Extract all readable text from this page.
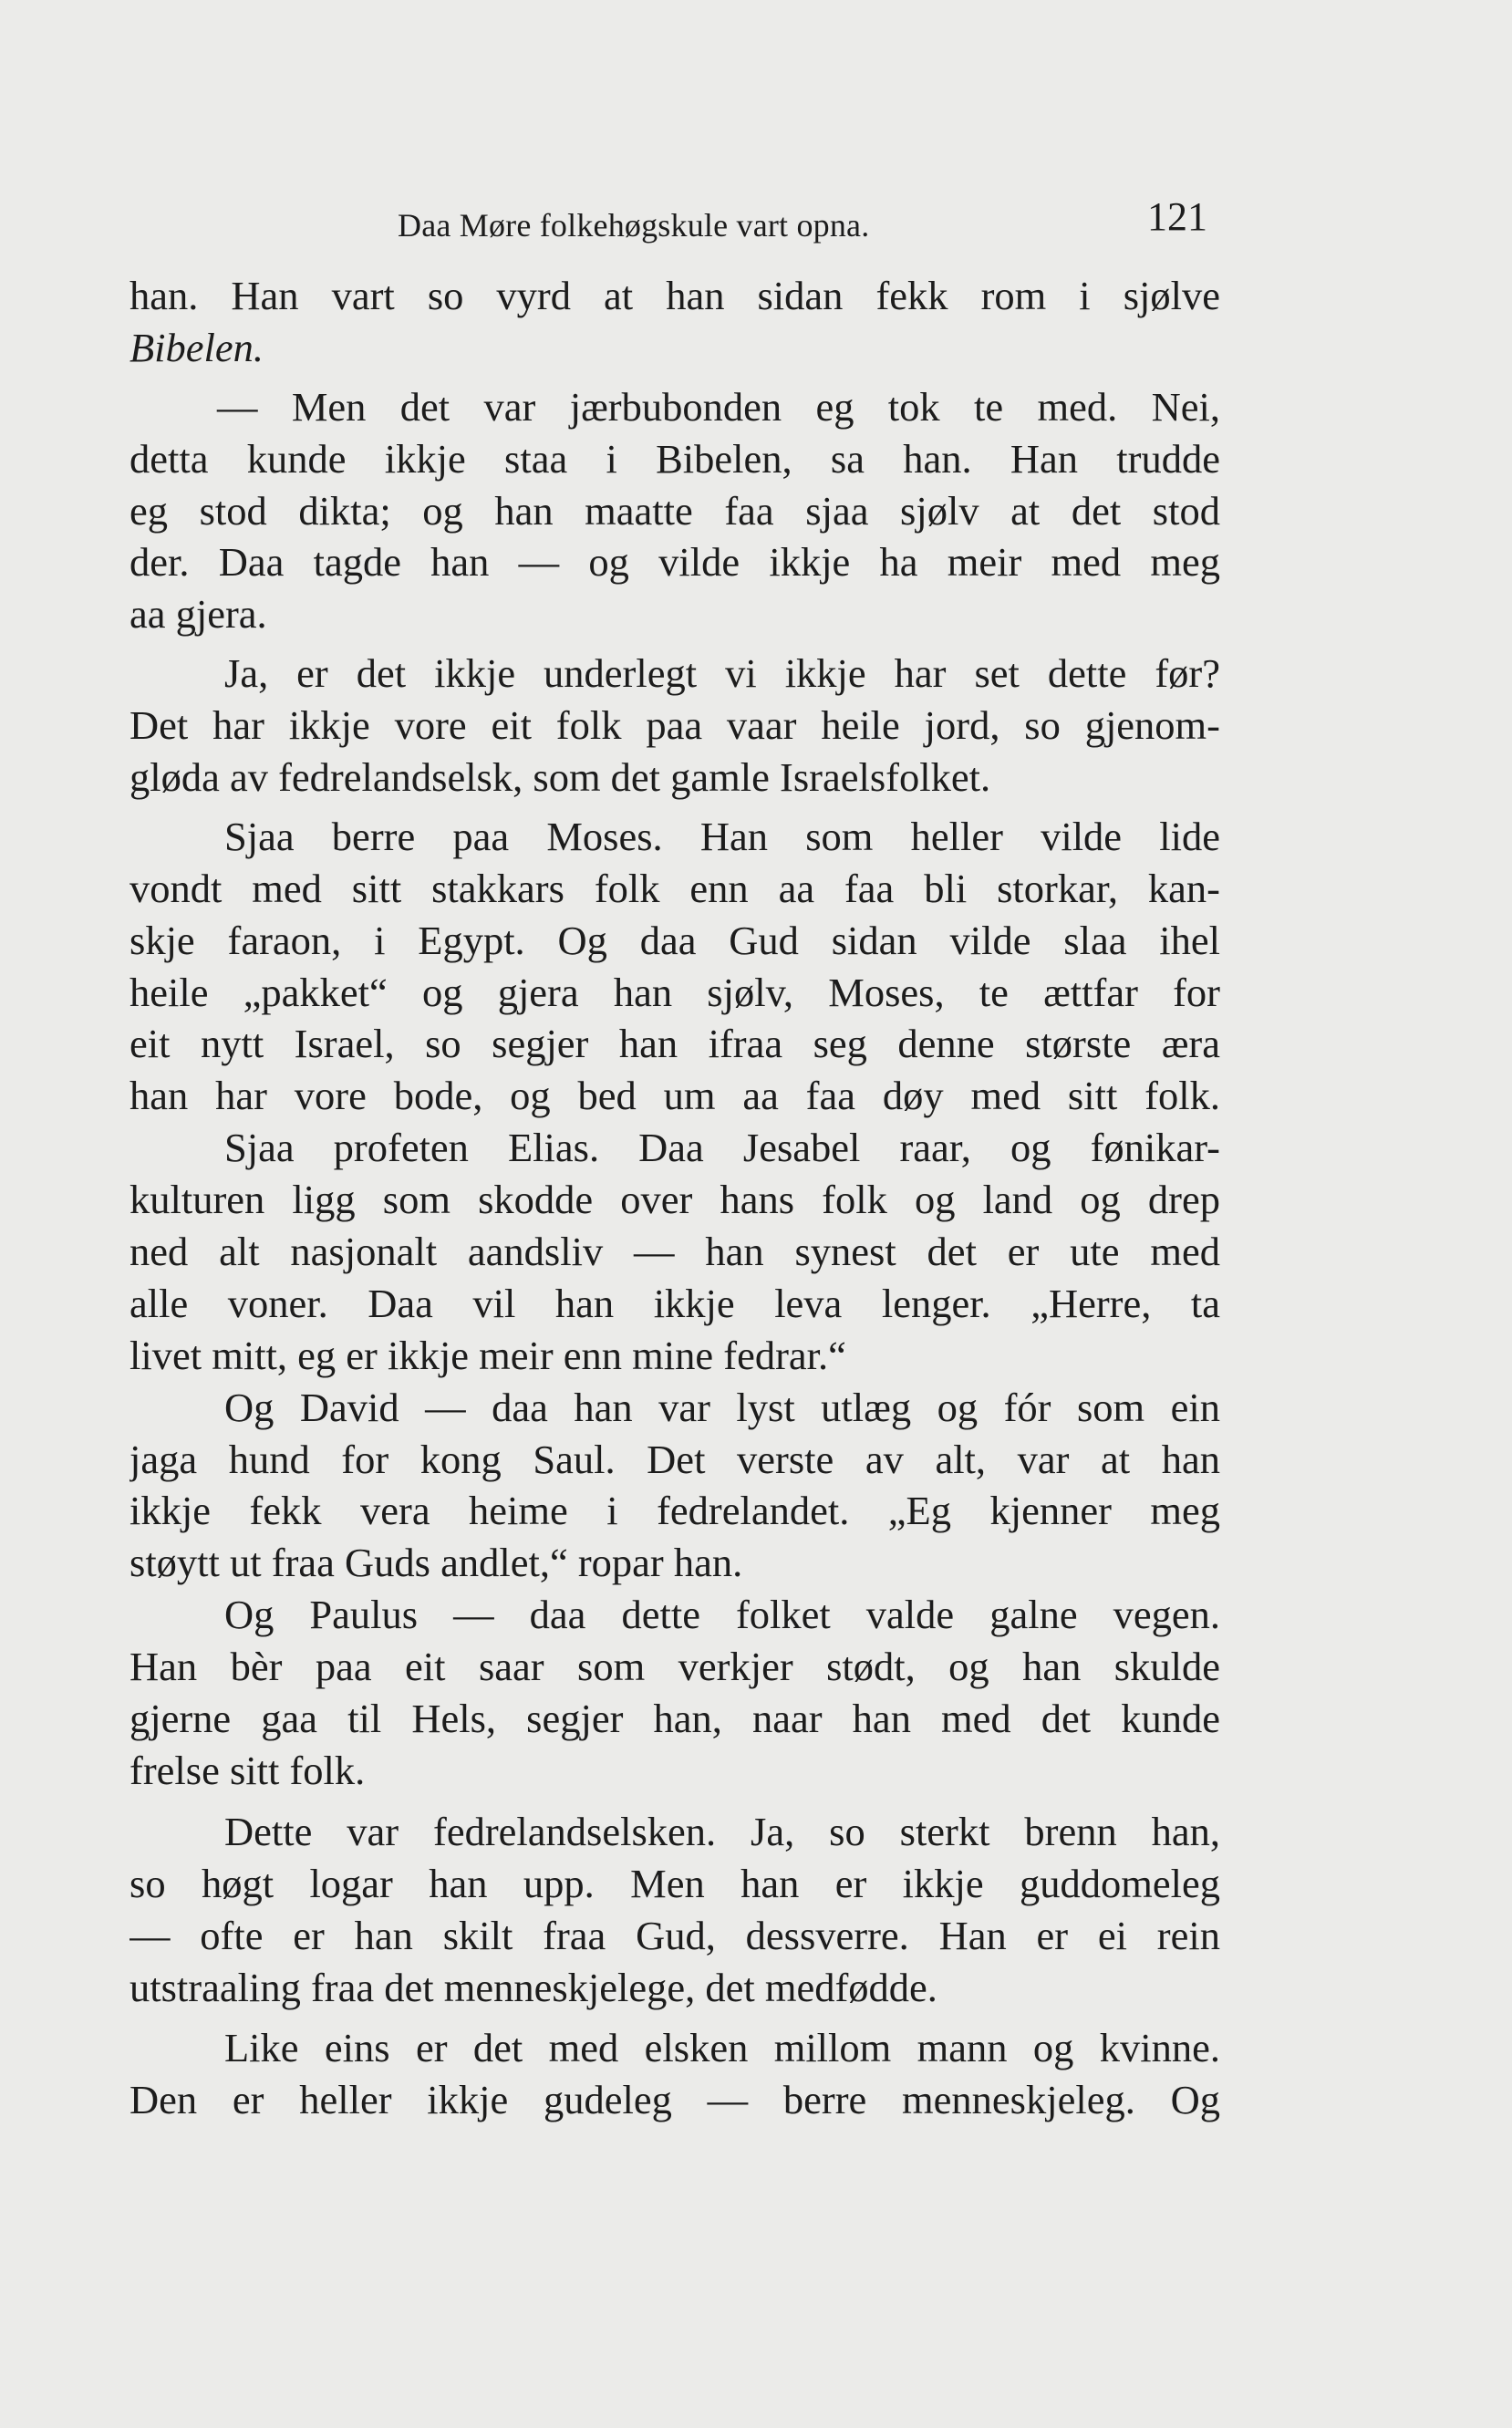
Daa Møre folkehøgskule vart opna.	121
han. Han vart so vyrd at han sidan fekk rom i sjølve
Bibelen.
— Men det var jærbubonden eg tok te med. Nei,
detta kunde ikkje staa i Bibelen, sa han. Han trudde
eg stod dikta; og han maatte faa sjaa sjølv at det stod
der. Daa tagde han — og vilde ikkje ha meir med meg
aa gjera.
Ja, er det ikkje underlegt vi ikkje har set dette før?
Det har ikkje vore eit folk paa vaar heile jord, so gjenom-
gløda av fedrelandselsk, som det gamle Israelsfolket.
Sjaa berre paa Moses. Han som heller vilde lide
vondt med sitt stakkars folk enn aa faa bli storkar, kan-
skje faraon, i Egypt. Og daa Gud sidan vilde slaa ihel
heile „pakket“ og gjera han sjølv, Moses, te ættfar for
eit nytt Israel, so segjer han ifraa seg denne største æra
han har vore bode, og bed um aa faa døy med sitt folk.
Sjaa profeten Elias. Daa Jesabel raar, og fønikar-
kulturen ligg som skodde over hans folk og land og drep
ned alt nasjonalt aandsliv — han synest det er ute med
alle voner. Daa vil han ikkje leva lenger. „Herre, ta
livet mitt, eg er ikkje meir enn mine fedrar.“
Og David — daa han var lyst utlæg og fór som ein
jaga hund for kong Saul. Det verste av alt, var at han
ikkje fekk vera heime i fedrelandet. „Eg kjenner meg
støytt ut fraa Guds andlet,“ ropar han.
Og Paulus — daa dette folket valde galne vegen.
Han bèr paa eit saar som verkjer stødt, og han skulde
gjerne gaa til Hels, segjer han, naar han med det kunde
frelse sitt folk.
Dette var fedrelandselsken. Ja, so sterkt brenn han,
so høgt logar han upp. Men han er ikkje guddomeleg
— ofte er han skilt fraa Gud, dessverre. Han er ei rein
utstraaling fraa det menneskjelege, det medfødde.
Like eins er det med elsken millom mann og kvinne.
Den er heller ikkje gudeleg — berre menneskjeleg. Og
